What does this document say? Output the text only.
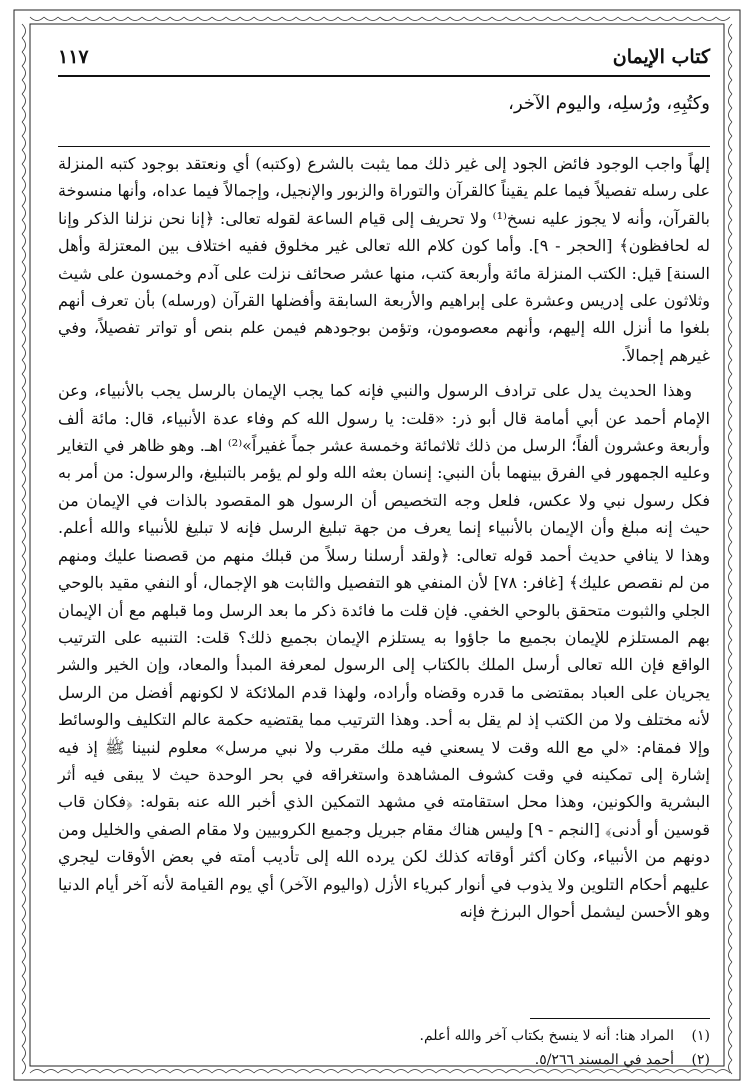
كتاب الإيمان
١١٧
وكتُبِهِ، ورُسلِه، واليوم الآخر،

إلهاً واجب الوجود فائض الجود إلى غير ذلك مما يثبت بالشرع (وكتبه) أي ونعتقد بوجود كتبه المنزلة على رسله تفصيلاً فيما علم يقيناً كالقرآن والتوراة والزبور والإنجيل، وإجمالاً فيما عداه، وأنها منسوخة بالقرآن، وأنه لا يجوز عليه نسخ⁽¹⁾ ولا تحريف إلى قيام الساعة لقوله تعالى: ﴿إنا نحن نزلنا الذكر وإنا له لحافظون﴾ [الحجر - ٩]. وأما كون كلام الله تعالى غير مخلوق ففيه اختلاف بين المعتزلة وأهل السنة] قيل: الكتب المنزلة مائة وأربعة كتب، منها عشر صحائف نزلت على آدم وخمسون على شيث وثلاثون على إدريس وعشرة على إبراهيم والأربعة السابقة وأفضلها القرآن (ورسله) بأن تعرف أنهم بلغوا ما أنزل الله إليهم، وأنهم معصومون، وتؤمن بوجودهم فيمن علم بنص أو تواتر تفصيلاً، وفي غيرهم إجمالاً.

وهذا الحديث يدل على ترادف الرسول والنبي فإنه كما يجب الإيمان بالرسل يجب بالأنبياء، وعن الإمام أحمد عن أبي أمامة قال أبو ذر: «قلت: يا رسول الله كم وفاء عدة الأنبياء، قال: مائة ألف وأربعة وعشرون ألفاً؛ الرسل من ذلك ثلاثمائة وخمسة عشر جماً غفيراً»⁽²⁾ اهـ. وهو ظاهر في التغاير وعليه الجمهور في الفرق بينهما بأن النبي: إنسان بعثه الله ولو لم يؤمر بالتبليغ، والرسول: من أمر به فكل رسول نبي ولا عكس، فلعل وجه التخصيص أن الرسول هو المقصود بالذات في الإيمان من حيث إنه مبلغ وأن الإيمان بالأنبياء إنما يعرف من جهة تبليغ الرسل فإنه لا تبليغ للأنبياء والله أعلم. وهذا لا ينافي حديث أحمد قوله تعالى: ﴿ولقد أرسلنا رسلاً من قبلك منهم من قصصنا عليك ومنهم من لم نقصص عليك﴾ [غافر: ٧٨] لأن المنفي هو التفصيل والثابت هو الإجمال، أو النفي مقيد بالوحي الجلي والثبوت متحقق بالوحي الخفي. فإن قلت ما فائدة ذكر ما بعد الرسل وما قبلهم مع أن الإيمان بهم المستلزم للإيمان بجميع ما جاؤوا به يستلزم الإيمان بجميع ذلك؟ قلت: التنبيه على الترتيب الواقع فإن الله تعالى أرسل الملك بالكتاب إلى الرسول لمعرفة المبدأ والمعاد، وإن الخير والشر يجريان على العباد بمقتضى ما قدره وقضاه وأراده، ولهذا قدم الملائكة لا لكونهم أفضل من الرسل لأنه مختلف ولا من الكتب إذ لم يقل به أحد. وهذا الترتيب مما يقتضيه حكمة عالم التكليف والوسائط وإلا فمقام: «لي مع الله وقت لا يسعني فيه ملك مقرب ولا نبي مرسل» معلوم لنبينا ﷺ إذ فيه إشارة إلى تمكينه في وقت كشوف المشاهدة واستغراقه في بحر الوحدة حيث لا يبقى فيه أثر البشرية والكونين، وهذا محل استقامته في مشهد التمكين الذي أخبر الله عنه بقوله: ﴿فكان قاب قوسين أو أدنى﴾ [النجم - ٩] وليس هناك مقام جبريل وجميع الكروبيين ولا مقام الصفي والخليل ومن دونهم من الأنبياء، وكان أكثر أوقاته كذلك لكن يرده الله إلى تأديب أمته في بعض الأوقات ليجري عليهم أحكام التلوين ولا يذوب في أنوار كبرياء الأزل (واليوم الآخر) أي يوم القيامة لأنه آخر أيام الدنيا وهو الأحسن ليشمل أحوال البرزخ فإنه

(١)
المراد هنا: أنه لا ينسخ بكتاب آخر والله أعلم.
(٢)
أحمد في المسند ٥/٢٦٦.
